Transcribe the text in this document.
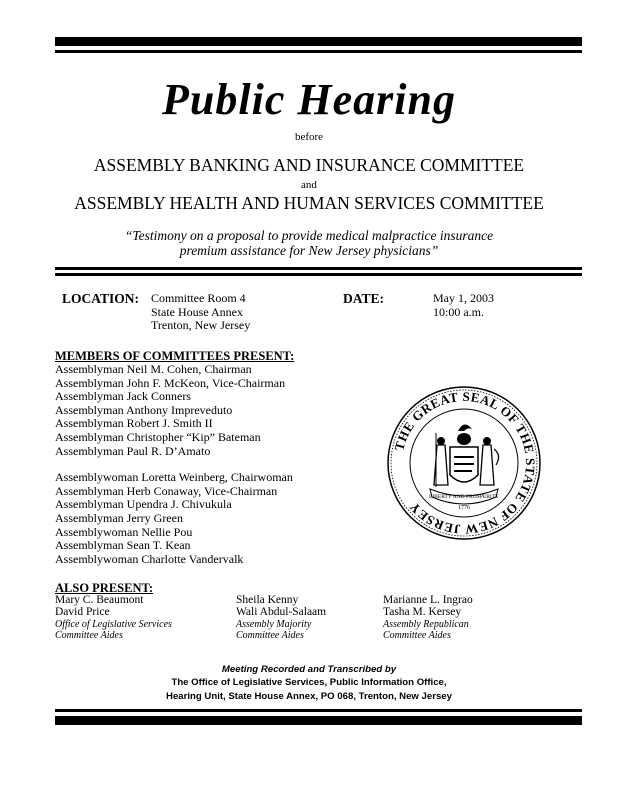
Public Hearing
before
ASSEMBLY BANKING AND INSURANCE COMMITTEE
and
ASSEMBLY HEALTH AND HUMAN SERVICES COMMITTEE
“Testimony on a proposal to provide medical malpractice insurance
premium assistance for New Jersey physicians”
LOCATION: Committee Room 4
State House Annex
Trenton, New Jersey
DATE:	May 1, 2003
10:00 a.m.
MEMBERS OF COMMITTEES PRESENT:
Assemblyman Neil M. Cohen, Chairman
Assemblyman John F. McKeon, Vice-Chairman
Assemblyman Jack Conners
Assemblyman Anthony Impreveduto
Assemblyman Robert J. Smith II
Assemblyman Christopher “Kip” Bateman
Assemblyman Paul R. D’Amato
Assemblywoman Loretta Weinberg, Chairwoman
Assemblyman Herb Conaway, Vice-Chairman
Assemblyman Upendra J. Chivukula
Assemblyman Jerry Green
Assemblywoman Nellie Pou
Assemblyman Sean T. Kean
Assemblywoman Charlotte Vandervalk
THE GREAT SEAL OF THE STATE OF NEW JERSEY
LIBERTY AND PROSPERITY
1776
ALSO PRESENT:
Mary C. Beaumont
David Price
Office of Legislative Services
Committee Aides
Sheila Kenny
Wali Abdul-Salaam
Assembly Majority
Committee Aides
Marianne L. Ingrao
Tasha M. Kersey
Assembly Republican
Committee Aides
Meeting Recorded and Transcribed by
The Office of Legislative Services, Public Information Office,
Hearing Unit, State House Annex, PO 068, Trenton, New Jersey
